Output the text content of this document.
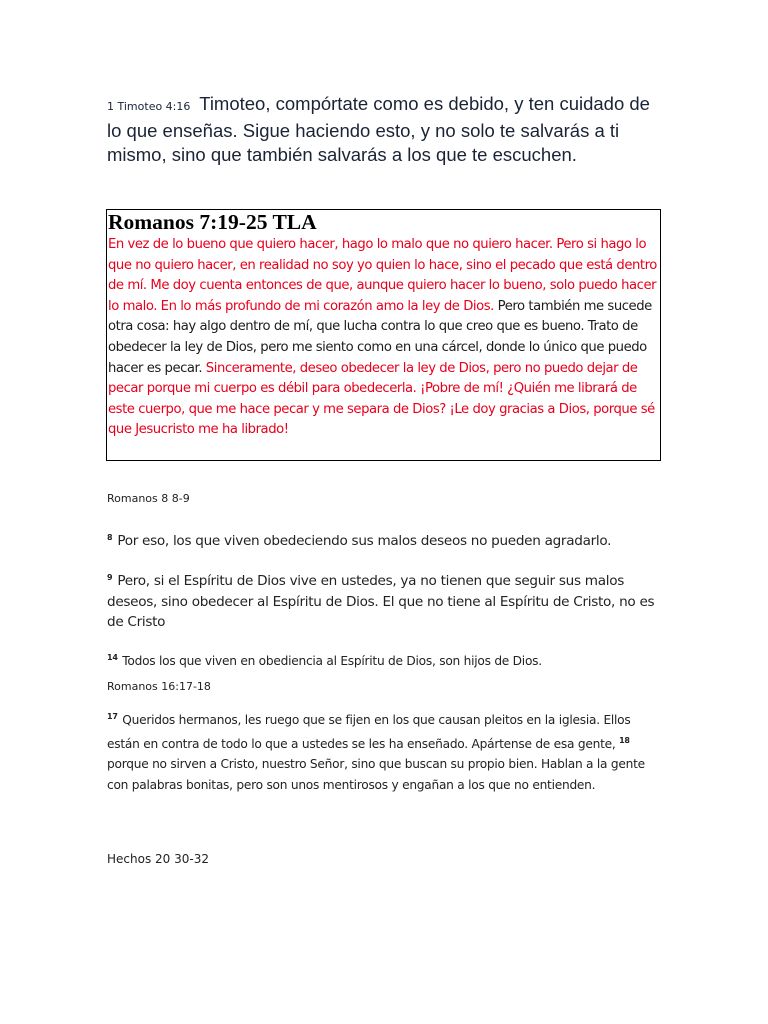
1 Timoteo 4:16 Timoteo, compórtate como es debido, y ten cuidado de lo que enseñas. Sigue haciendo esto, y no solo te salvarás a ti mismo, sino que también salvarás a los que te escuchen.
Romanos 7:19-25 TLA
En vez de lo bueno que quiero hacer, hago lo malo que no quiero hacer. Pero si hago lo que no quiero hacer, en realidad no soy yo quien lo hace, sino el pecado que está dentro de mí. Me doy cuenta entonces de que, aunque quiero hacer lo bueno, solo puedo hacer lo malo. En lo más profundo de mi corazón amo la ley de Dios. Pero también me sucede otra cosa: hay algo dentro de mí, que lucha contra lo que creo que es bueno. Trato de obedecer la ley de Dios, pero me siento como en una cárcel, donde lo único que puedo hacer es pecar. Sinceramente, deseo obedecer la ley de Dios, pero no puedo dejar de pecar porque mi cuerpo es débil para obedecerla. ¡Pobre de mí! ¿Quién me librará de este cuerpo, que me hace pecar y me separa de Dios? ¡Le doy gracias a Dios, porque sé que Jesucristo me ha librado!
Romanos 8 8-9
$^8$ Por eso, los que viven obedeciendo sus malos deseos no pueden agradarlo.
$^9$ Pero, si el Espíritu de Dios vive en ustedes, ya no tienen que seguir sus malos deseos, sino obedecer al Espíritu de Dios. El que no tiene al Espíritu de Cristo, no es de Cristo
$^{14}$ Todos los que viven en obediencia al Espíritu de Dios, son hijos de Dios.
Romanos 16:17-18
$^{17}$ Queridos hermanos, les ruego que se fijen en los que causan pleitos en la iglesia. Ellos están en contra de todo lo que a ustedes se les ha enseñado. Apártense de esa gente, $^{18}$ porque no sirven a Cristo, nuestro Señor, sino que buscan su propio bien. Hablan a la gente con palabras bonitas, pero son unos mentirosos y engañan a los que no entienden.
Hechos 20 30-32
